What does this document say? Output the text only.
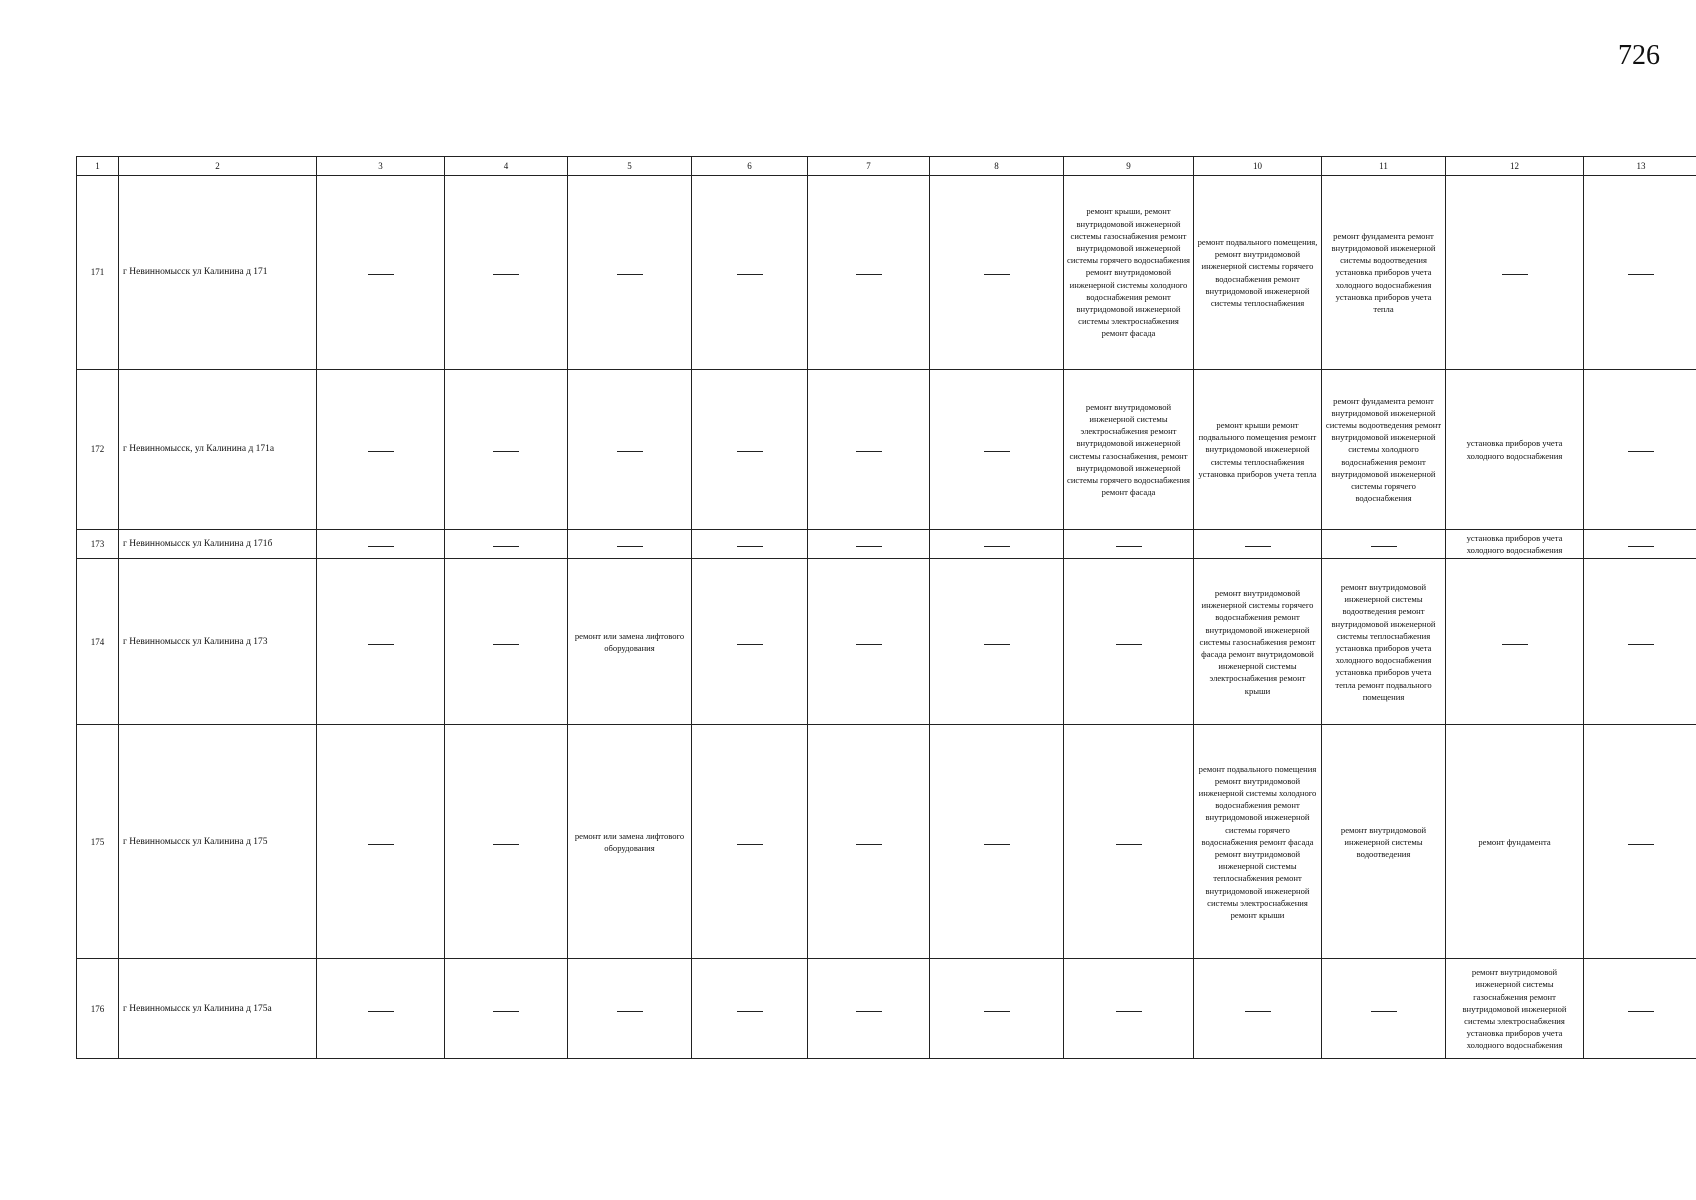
726
1	2	3	4	5	6	7	8	9	10	11	12	13
171	г Невинномысск ул Калинина д 171							ремонт крыши, ремонт внутридомовой инженерной системы газоснабжения ремонт внутридомовой инженерной системы горячего водоснабжения ремонт внутридомовой инженерной системы холодного водоснабжения ремонт внутридомовой инженерной системы электроснабжения ремонт фасада	ремонт подвального помещения, ремонт внутридомовой инженерной системы горячего водоснабжения ремонт внутридомовой инженерной системы теплоснабжения	ремонт фундамента ремонт внутридомовой инженерной системы водоотведения установка приборов учета холодного водоснабжения установка приборов учета тепла		
172	г Невинномысск, ул Калинина д 171а							ремонт внутридомовой инженерной системы электроснабжения ремонт внутридомовой инженерной системы газоснабжения, ремонт внутридомовой инженерной системы горячего водоснабжения ремонт фасада	ремонт крыши ремонт подвального помещения ремонт внутридомовой инженерной системы теплоснабжения установка приборов учета тепла	ремонт фундамента ремонт внутридомовой инженерной системы водоотведения ремонт внутридомовой инженерной системы холодного водоснабжения ремонт внутридомовой инженерной системы горячего водоснабжения	установка приборов учета холодного водоснабжения	
173	г Невинномысск ул Калинина д 171б										установка приборов учета холодного водоснабжения	
174	г Невинномысск ул Калинина д 173			ремонт или замена лифтового оборудования					ремонт внутридомовой инженерной системы горячего водоснабжения ремонт внутридомовой инженерной системы газоснабжения ремонт фасада ремонт внутридомовой инженерной системы электроснабжения ремонт крыши	ремонт внутридомовой инженерной системы водоотведения ремонт внутридомовой инженерной системы теплоснабжения установка приборов учета холодного водоснабжения установка приборов учета тепла ремонт подвального помещения		
175	г Невинномысск ул Калинина д 175			ремонт или замена лифтового оборудования					ремонт подвального помещения ремонт внутридомовой инженерной системы холодного водоснабжения ремонт внутридомовой инженерной системы горячего водоснабжения ремонт фасада ремонт внутридомовой инженерной системы теплоснабжения ремонт внутридомовой инженерной системы электроснабжения ремонт крыши	ремонт внутридомовой инженерной системы водоотведения	ремонт фундамента	
176	г Невинномысск ул Калинина д 175а										ремонт внутридомовой инженерной системы газоснабжения ремонт внутридомовой инженерной системы электроснабжения установка приборов учета холодного водоснабжения	
